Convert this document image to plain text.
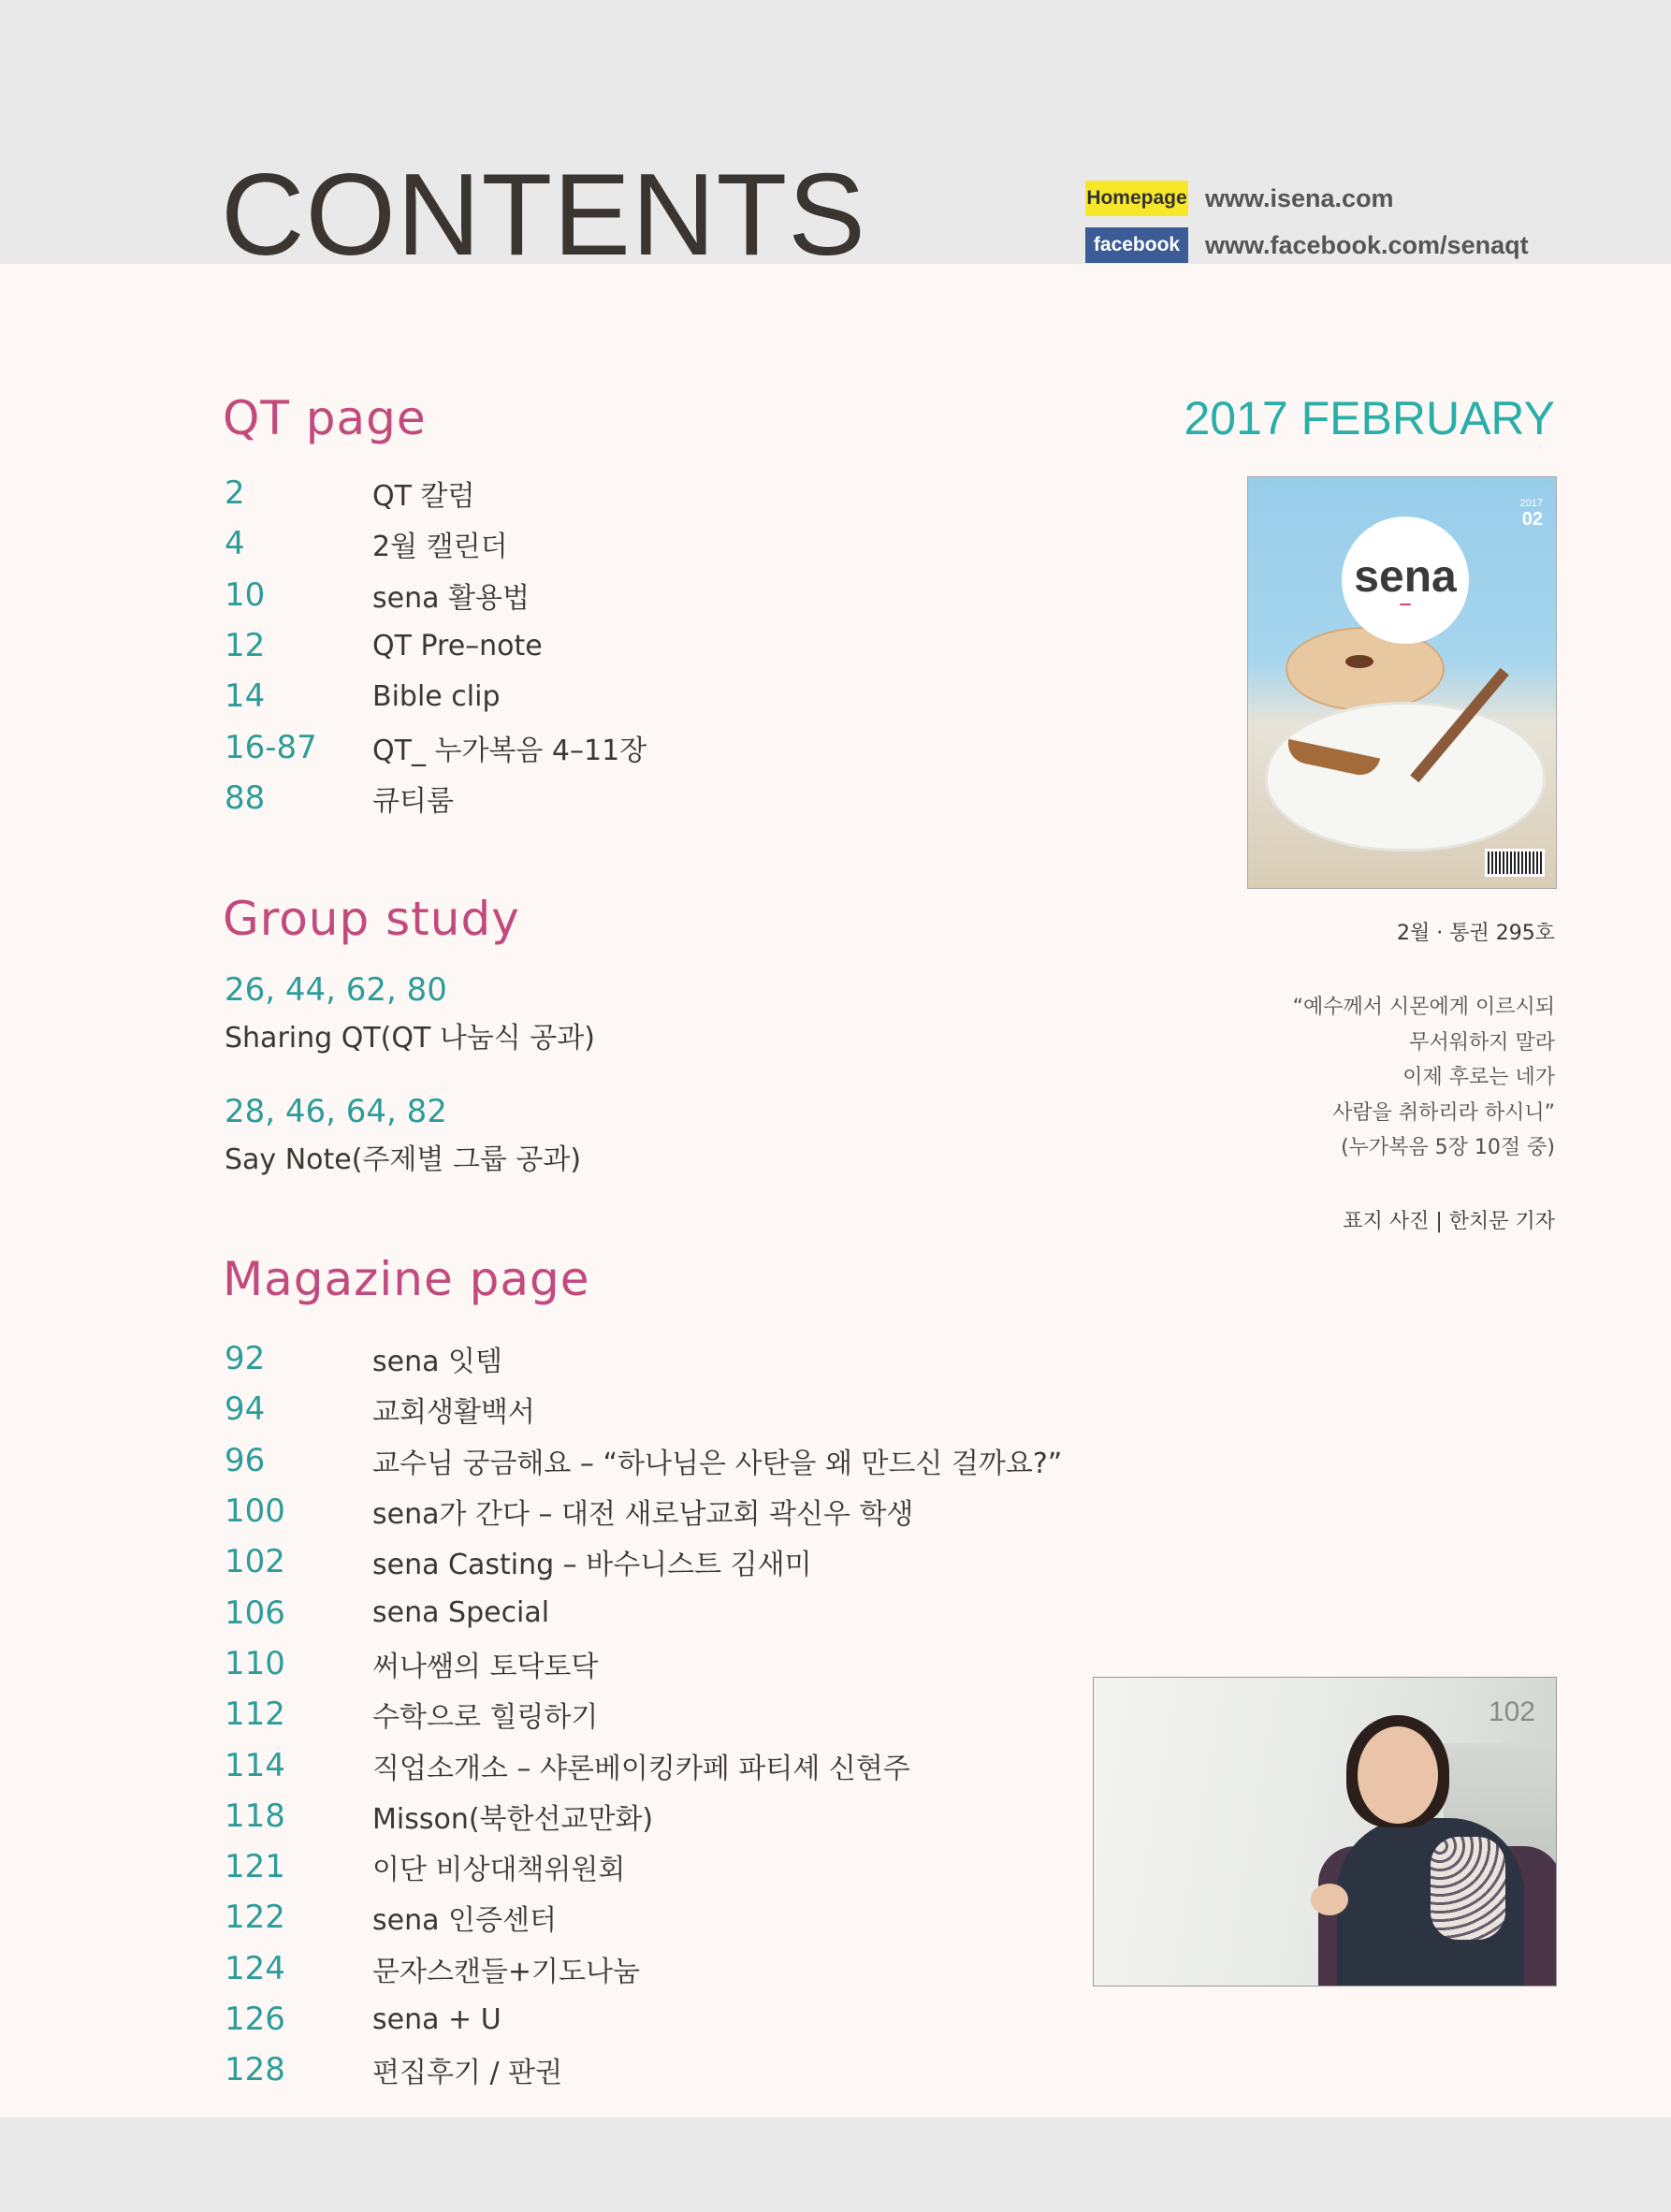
CONTENTS	Homepage www.isena.com
facebook www.facebook.com/senaqt
QT page
2	QT 칼럼
4	2월 캘린더
10	sena 활용법
12	QT Pre–note
14	Bible clip
16-87	QT_ 누가복음 4–11장
88	큐티룸
Group study
26, 44, 62, 80
Sharing QT(QT 나눔식 공과)
28, 46, 64, 82
Say Note(주제별 그룹 공과)
Magazine page
92	sena 잇템
94	교회생활백서
96	교수님 궁금해요 – “하나님은 사탄을 왜 만드신 걸까요?”
100	sena가 간다 – 대전 새로남교회 곽신우 학생
102	sena Casting – 바수니스트 김새미
106	sena Special
110	써나쌤의 토닥토닥
112	수학으로 힐링하기
114	직업소개소 – 샤론베이킹카페 파티셰 신현주
118	Misson(북한선교만화)
121	이단 비상대책위원회
122	sena 인증센터
124	문자스캔들+기도나눔
126	sena + U
128	편집후기 / 판권
2017 FEBRUARY
2017
02
sena
2월 · 통권 295호
“예수께서 시몬에게 이르시되
무서워하지 말라
이제 후로는 네가
사람을 취하리라 하시니”
(누가복음 5장 10절 중)
표지 사진 | 한치문 기자
102
